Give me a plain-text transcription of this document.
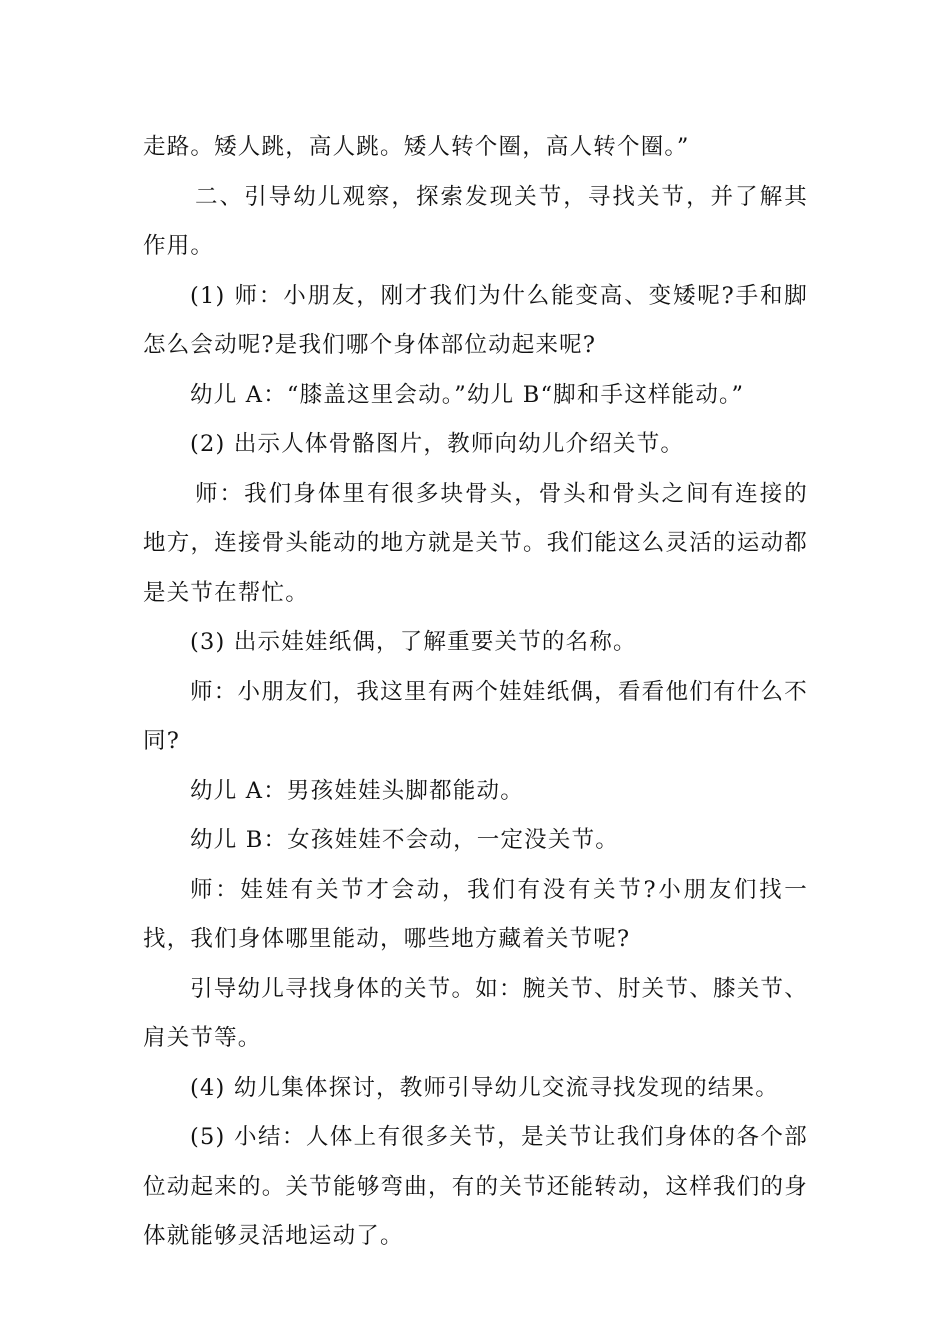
走路。矮人跳，高人跳。矮人转个圈，高人转个圈。”

二、引导幼儿观察，探索发现关节，寻找关节，并了解其作用。

(1) 师：小朋友，刚才我们为什么能变高、变矮呢?手和脚怎么会动呢?是我们哪个身体部位动起来呢?

幼儿 A：“膝盖这里会动。”幼儿 B“脚和手这样能动。”

(2) 出示人体骨骼图片，教师向幼儿介绍关节。

师：我们身体里有很多块骨头，骨头和骨头之间有连接的地方，连接骨头能动的地方就是关节。我们能这么灵活的运动都是关节在帮忙。

(3) 出示娃娃纸偶，了解重要关节的名称。

师：小朋友们，我这里有两个娃娃纸偶，看看他们有什么不同?

幼儿 A：男孩娃娃头脚都能动。

幼儿 B：女孩娃娃不会动，一定没关节。

师：娃娃有关节才会动，我们有没有关节?小朋友们找一找，我们身体哪里能动，哪些地方藏着关节呢?

引导幼儿寻找身体的关节。如：腕关节、肘关节、膝关节、肩关节等。

(4) 幼儿集体探讨，教师引导幼儿交流寻找发现的结果。

(5) 小结：人体上有很多关节，是关节让我们身体的各个部位动起来的。关节能够弯曲，有的关节还能转动，这样我们的身体就能够灵活地运动了。
